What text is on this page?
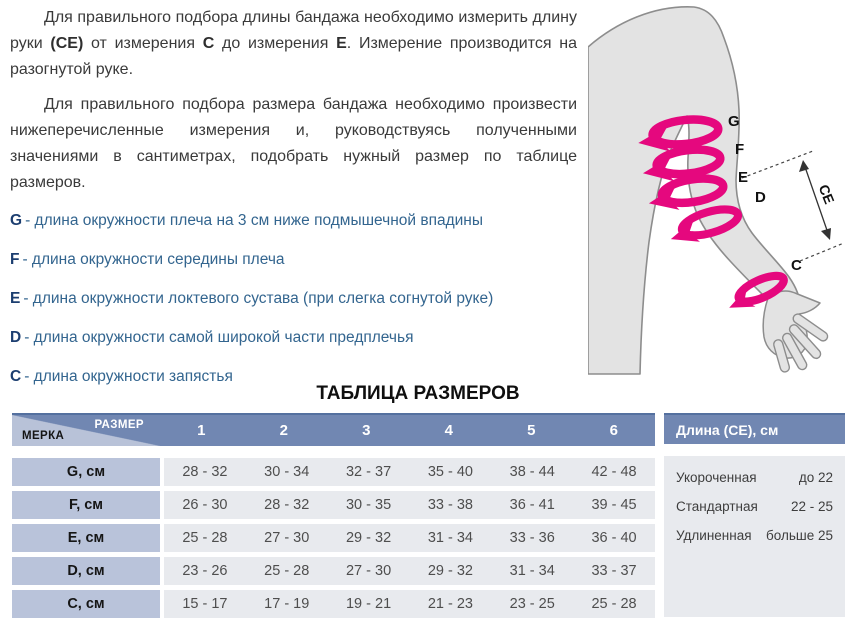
Для правильного подбора длины бандажа необходимо измерить длину руки (СЕ) от измерения С до измерения Е. Измерение производится на разогнутой руке.

Для правильного подбора размера бандажа необходимо произвести нижеперечисленные измерения и, руководствуясь полученными значениями в сантиметрах, подобрать нужный размер по таблице размеров.

G - длина окружности плеча на 3 см ниже подмышечной впадины
F - длина окружности середины плеча
E - длина окружности локтевого сустава (при слегка согнутой руке)
D - длина окружности самой широкой части предплечья
C - длина окружности запястья
СЕ
G
F
E
D
C
ТАБЛИЦА РАЗМЕРОВ
РАЗМЕР
МЕРКА	1	2	3	4	5	6
G, см	28 - 32	30 - 34	32 - 37	35 - 40	38 - 44	42 - 48
F, см	26 - 30	28 - 32	30 - 35	33 - 38	36 - 41	39 - 45
E, см	25 - 28	27 - 30	29 - 32	31 - 34	33 - 36	36 - 40
D, см	23 - 26	25 - 28	27 - 30	29 - 32	31 - 34	33 - 37
C, см	15 - 17	17 - 19	19 - 21	21 - 23	23 - 25	25 - 28
Длина (СЕ), см
Укороченная	до 22
Стандартная 22 - 25
Удлиненная больше 25
